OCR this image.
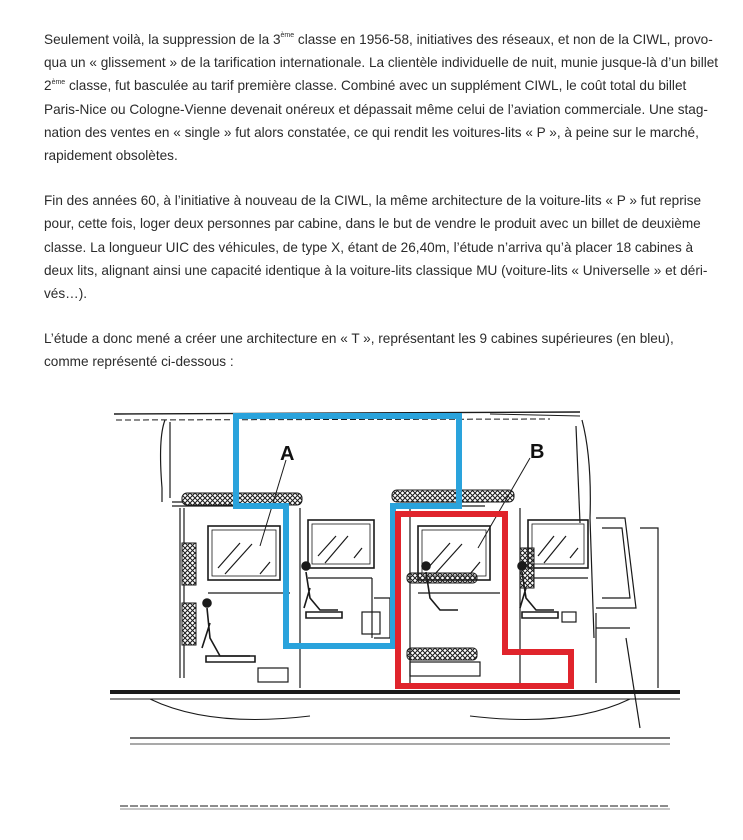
Seulement voilà, la suppression de la 3ème classe en 1956-58, initiatives des réseaux, et non de la CIWL, provo-
qua un « glissement » de la tarification internationale. La clientèle individuelle de nuit, munie jusque-là d’un billet
2ème classe, fut basculée au tarif première classe. Combiné avec un supplément CIWL, le coût total du billet
Paris-Nice ou Cologne-Vienne devenait onéreux et dépassait même celui de l’aviation commerciale. Une stag-
nation des ventes en « single » fut alors constatée, ce qui rendit les voitures-lits « P », à peine sur le marché,
rapidement obsolètes.

Fin des années 60, à l’initiative à nouveau de la CIWL, la même architecture de la voiture-lits « P » fut reprise
pour, cette fois, loger deux personnes par cabine, dans le but de vendre le produit avec un billet de deuxième
classe. La longueur UIC des véhicules, de type X, étant de 26,40m, l’étude n’arriva qu’à placer 18 cabines à
deux lits, alignant ainsi une capacité identique à la voiture-lits classique MU (voiture-lits « Universelle » et déri-
vés…).

L’étude a donc mené a créer une architecture en « T », représentant les 9 cabines supérieures (en bleu),
comme représenté ci-dessous :

A	B
